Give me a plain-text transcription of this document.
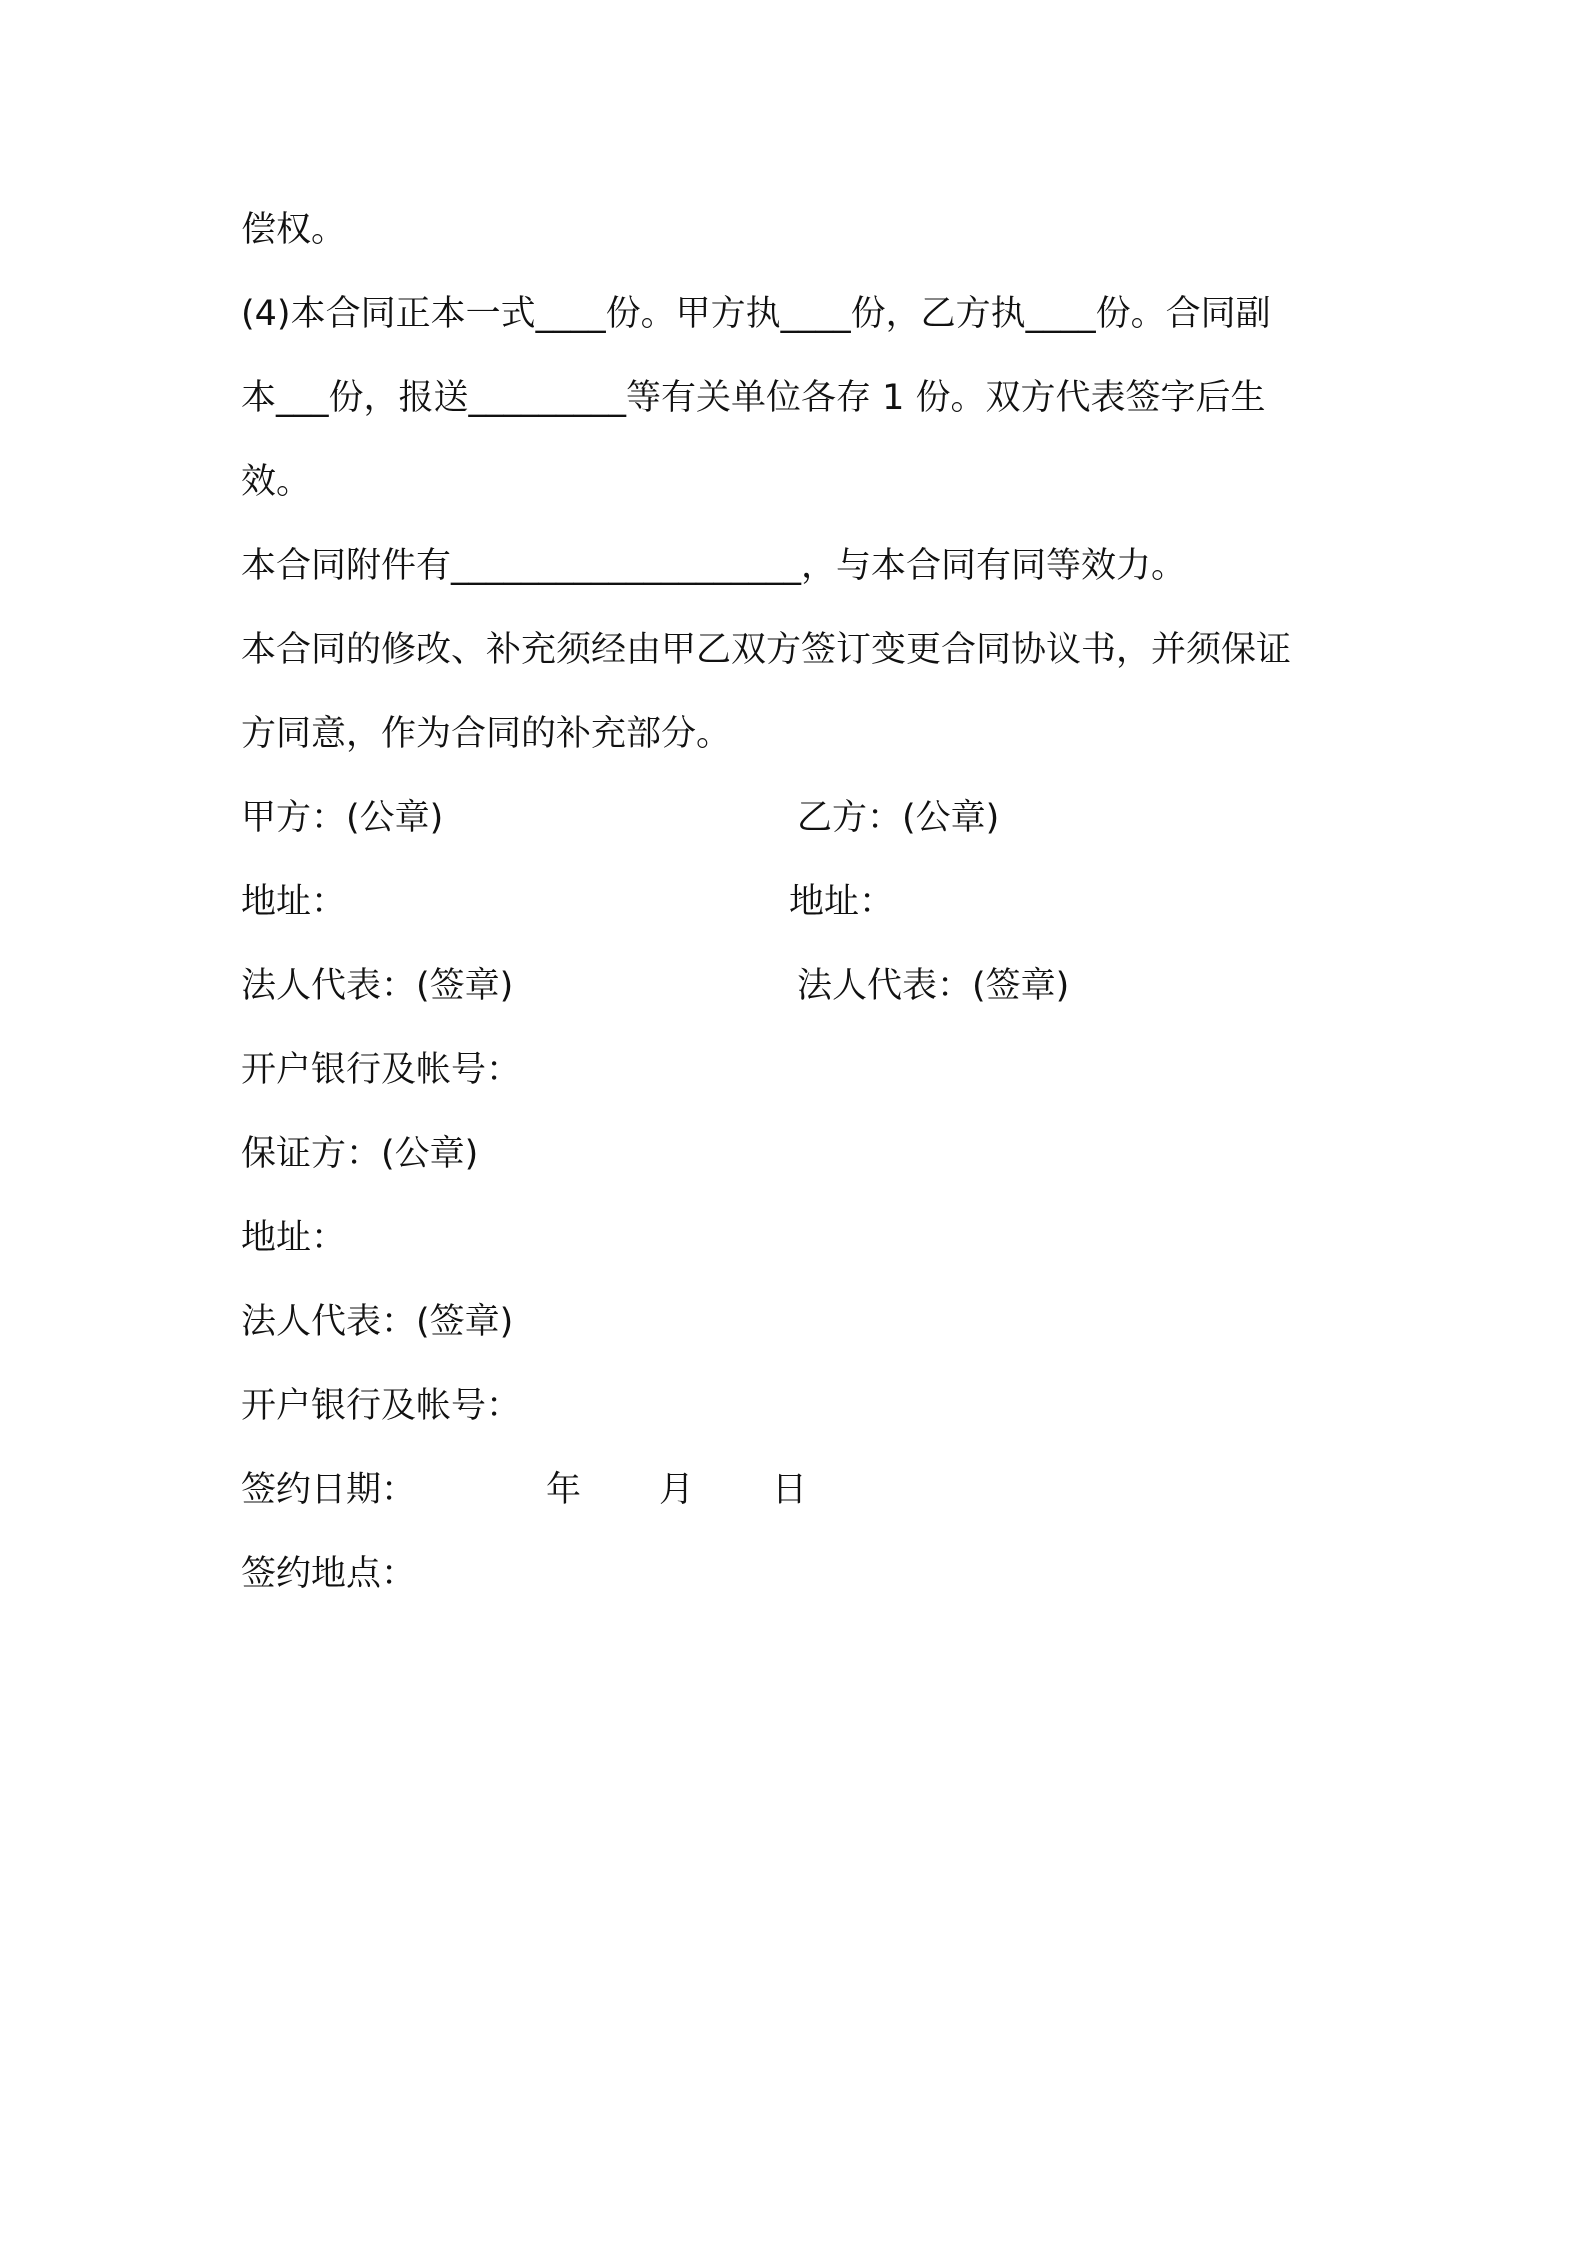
偿权。
(4)本合同正本一式____份。甲方执____份，乙方执____份。合同副
本___份，报送_________等有关单位各存 1 份。双方代表签字后生
效。
本合同附件有____________________，与本合同有同等效力。
本合同的修改、补充须经由甲乙双方签订变更合同协议书，并须保证
方同意，作为合同的补充部分。
甲方：(公章)	乙方：(公章)
地址：	地址：
法人代表：(签章)	法人代表：(签章)
开户银行及帐号：
保证方：(公章)
地址：
法人代表：(签章)
开户银行及帐号：
签约日期：	年 月 日
签约地点：
